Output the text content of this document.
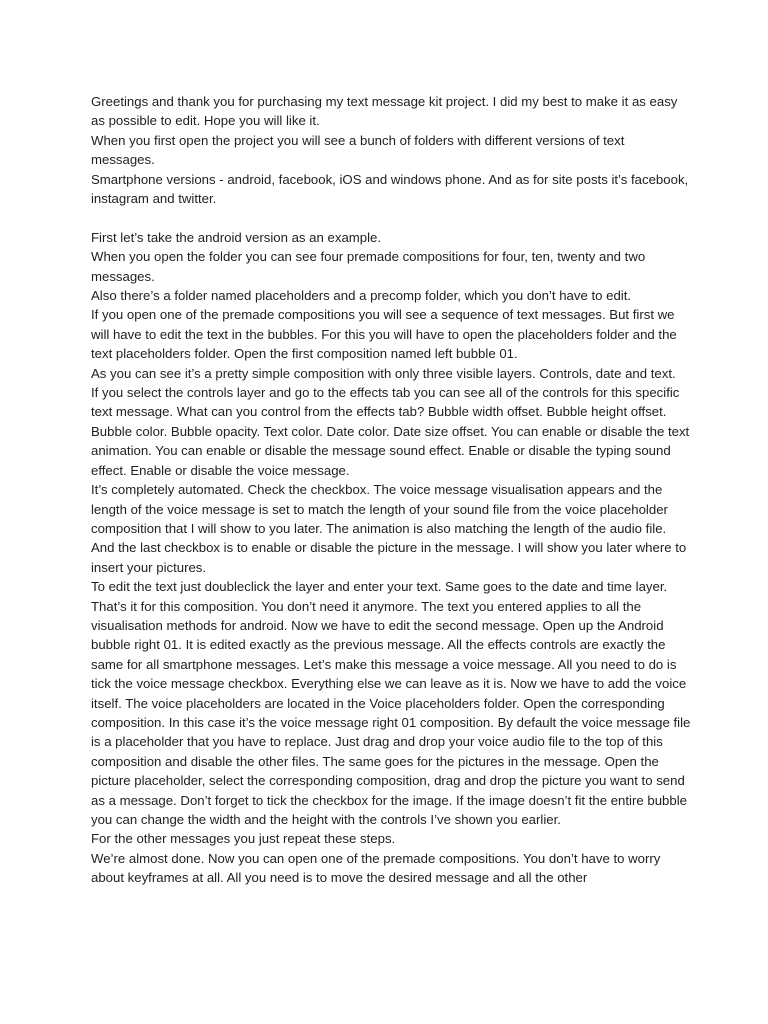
Greetings and thank you for purchasing my text message kit project. I did my best to make it as easy as possible to edit. Hope you will like it.

When you first open the project you will see a bunch of folders with different versions of text messages.

Smartphone versions - android, facebook, iOS and windows phone. And as for site posts it’s facebook, instagram and twitter.

First let’s take the android version as an example.

When you open the folder you can see four premade compositions for four, ten, twenty and two messages.

Also there’s a folder named placeholders and a precomp folder, which you don’t have to edit.

If you open one of the premade compositions you will see a sequence of text messages. But first we will have to edit the text in the bubbles. For this you will have to open the placeholders folder and the text placeholders folder. Open the first composition named left bubble 01.

As you can see it’s a pretty simple composition with only three visible layers. Controls, date and text.

If you select the controls layer and go to the effects tab you can see all of the controls for this specific text message. What can you control from the effects tab? Bubble width offset. Bubble height offset. Bubble color. Bubble opacity. Text color. Date color. Date size offset. You can enable or disable the text animation. You can enable or disable the message sound effect. Enable or disable the typing sound effect. Enable or disable the voice message.

It’s completely automated. Check the checkbox. The voice message visualisation appears and the length of the voice message is set to match the length of your sound file from the voice placeholder composition that I will show to you later. The animation is also matching the length of the audio file. And the last checkbox is to enable or disable the picture in the message. I will show you later where to insert your pictures.

To edit the text just doubleclick the layer and enter your text. Same goes to the date and time layer. That’s it for this composition. You don’t need it anymore. The text you entered applies to all the visualisation methods for android. Now we have to edit the second message. Open up the Android bubble right 01. It is edited exactly as the previous message. All the effects controls are exactly the same for all smartphone messages. Let’s make this message a voice message. All you need to do is tick the voice message checkbox. Everything else we can leave as it is. Now we have to add the voice itself. The voice placeholders are located in the Voice placeholders folder. Open the corresponding composition. In this case it’s the voice message right 01 composition. By default the voice message file is a placeholder that you have to replace. Just drag and drop your voice audio file to the top of this composition and disable the other files. The same goes for the pictures in the message. Open the picture placeholder, select the corresponding composition, drag and drop the picture you want to send as a message. Don’t forget to tick the checkbox for the image. If the image doesn’t fit the entire bubble you can change the width and the height with the controls I’ve shown you earlier.

For the other messages you just repeat these steps.

We’re almost done. Now you can open one of the premade compositions. You don’t have to worry about keyframes at all. All you need is to move the desired message and all the other
